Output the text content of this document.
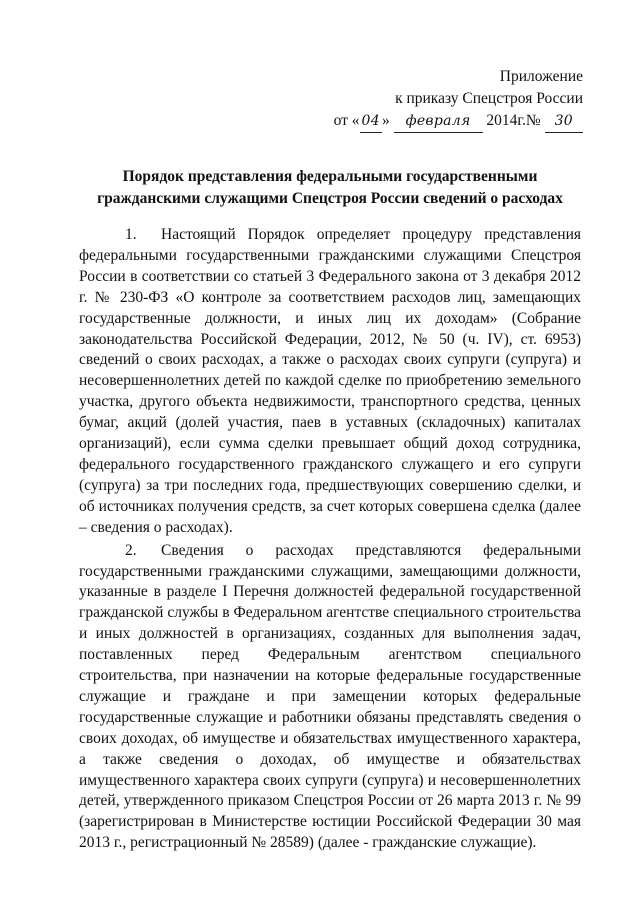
Приложение
к приказу Спецстроя России
от « 04 » февраля 2014г.№ 30
Порядок представления федеральными государственными
гражданскими служащими Спецстроя России сведений о расходах

1. Настоящий Порядок определяет процедуру представления федеральными государственными гражданскими служащими Спецстроя России в соответствии со статьей 3 Федерального закона от 3 декабря 2012 г. № 230-ФЗ «О контроле за соответствием расходов лиц, замещающих государственные должности, и иных лиц их доходам» (Собрание законодательства Российской Федерации, 2012, № 50 (ч. IV), ст. 6953) сведений о своих расходах, а также о расходах своих супруги (супруга) и несовершеннолетних детей по каждой сделке по приобретению земельного участка, другого объекта недвижимости, транспортного средства, ценных бумаг, акций (долей участия, паев в уставных (складочных) капиталах организаций), если сумма сделки превышает общий доход сотрудника, федерального государственного гражданского служащего и его супруги (супруга) за три последних года, предшествующих совершению сделки, и об источниках получения средств, за счет которых совершена сделка (далее – сведения о расходах).

2. Сведения о расходах представляются федеральными государственными гражданскими служащими, замещающими должности, указанные в разделе I Перечня должностей федеральной государственной гражданской службы в Федеральном агентстве специального строительства и иных должностей в организациях, созданных для выполнения задач, поставленных перед Федеральным агентством специального строительства, при назначении на которые федеральные государственные служащие и граждане и при замещении которых федеральные государственные служащие и работники обязаны представлять сведения о своих доходах, об имуществе и обязательствах имущественного характера, а также сведения о доходах, об имуществе и обязательствах имущественного характера своих супруги (супруга) и несовершеннолетних детей, утвержденного приказом Спецстроя России от 26 марта 2013 г. № 99 (зарегистрирован в Министерстве юстиции Российской Федерации 30 мая 2013 г., регистрационный № 28589) (далее - гражданские служащие).
